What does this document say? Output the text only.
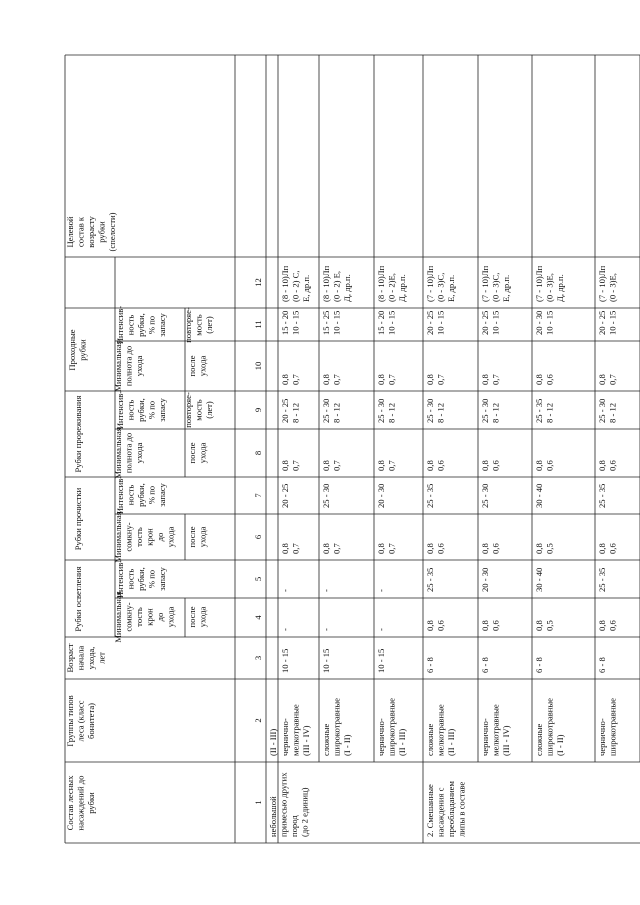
Состав лесныхнасаждений дорубки
Группы типовлеса (классбонитета)
Возрастначалаухода,лет
Рубки осветления
Рубки прочистки
Рубки прореживания
Проходныерубки
Целевойсостав квозрастурубки(спелости)
Минимальнаясомкну-тостькрондоухода
Минимальнаясомкну-тостькрондоухода
Минимальнаяполнота доухода
Минимальнаяполнота доухода
Интенсив-ностьрубки,% позапасу
Интенсив-ностьрубки,% позапасу
Интенсив-ностьрубки,% позапасу
Интенсив-ностьрубки,% позапасу
послеухода
послеухода
послеухода
послеухода
повторяе-мость(лет)
повторяе-мость(лет)
1
2
3
4
5
6
7
8
9
10
11
12
небольшойпримесью другихпород(до 2 единиц)
(II - III) чернично-мелкотравные(III - IV)
10 - 15
-
-
0,80,7
20 - 25
0,80,7
20 - 258 - 12
0,80,7
15 - 2010 - 15
(8 - 10)Лп(0 - 2) С,Е, др.п.
сложныеширокотравные(I - II)
10 - 15
-
-
0,80,7
25 - 30
0,80,7
25 - 308 - 12
0,80,7
15 - 2510 - 15
(8 - 10)Лп(0 - 2) Е,Д, др.п.
чернично-широкотравные(II - III)
10 - 15
-
-
0,80,7
20 - 30
0,80,7
25 - 308 - 12
0,80,7
15 - 2010 - 15
(8 - 10)Лп(0 - 2)Е,Д, др.п.
2. Смешанныенасаждения спреобладаниемлипы в составе
сложныемелкотравные(II - III)
6 - 8
0,80,6
25 - 35
0,80,6
25 - 35
0,80,6
25 - 308 - 12
0,80,7
20 - 2510 - 15
(7 - 10)Лп(0 - 3)С,Е, др.п.
чернично-мелкотравные(III - IV)
6 - 8
0,80,6
20 - 30
0,80,6
25 - 30
0,80,6
25 - 308 - 12
0,80,7
20 - 2510 - 15
(7 - 10)Лп(0 - 3)С,Е, др.п.
сложныеширокотравные(I - II)
6 - 8
0,80,5
30 - 40
0,80,5
30 - 40
0,80,6
25 - 358 - 12
0,80,6
20 - 3010 - 15
(7 - 10)Лп(0 - 3)Е,Д, др.п.
чернично-широкотравные
6 - 8
0,80,6
25 - 35
0,80,6
25 - 35
0,80,6
25 - 308 - 12
0,80,7
20 - 2510 - 15
(7 - 10)Лп(0 - 3)Е,
